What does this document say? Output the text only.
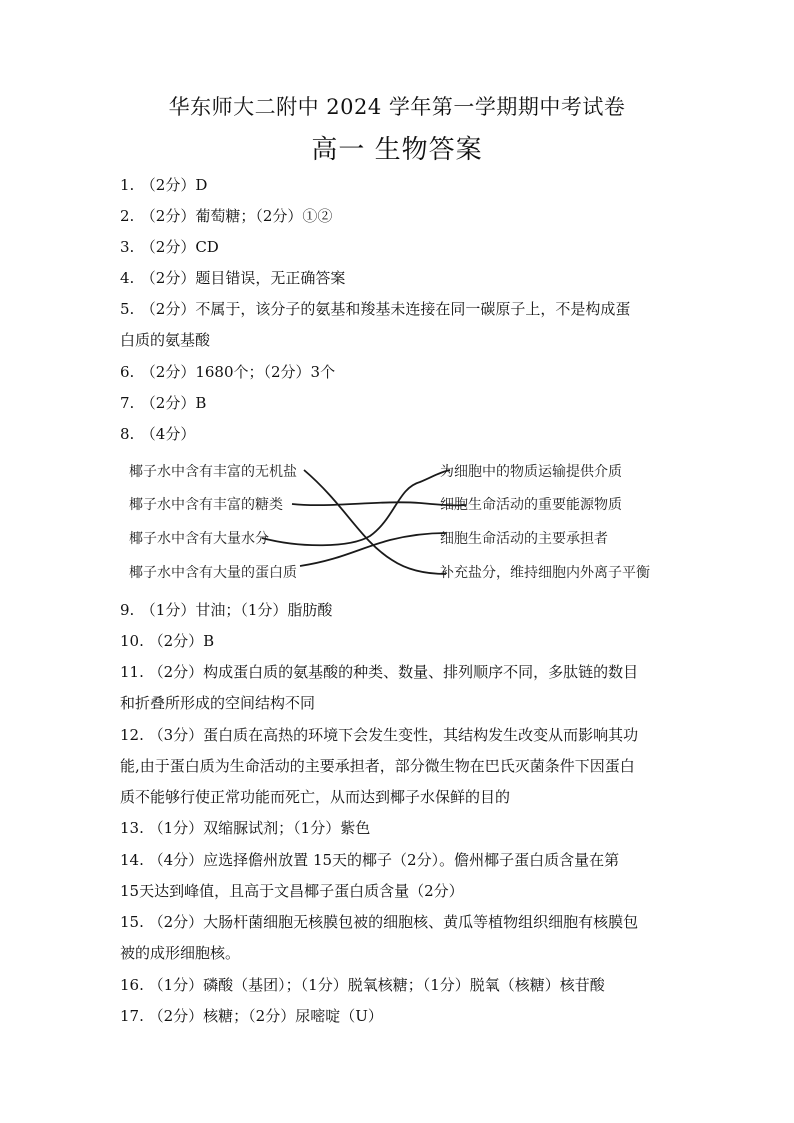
华东师大二附中 2024 学年第一学期期中考试卷
高一 生物答案
1. （2分）D
2. （2分）葡萄糖；（2分）①②
3. （2分）CD
4. （2分）题目错误，无正确答案
5. （2分）不属于，该分子的氨基和羧基未连接在同一碳原子上，不是构成蛋
白质的氨基酸
6. （2分）1680个；（2分）3个
7. （2分）B
8. （4分）
椰子水中含有丰富的无机盐
椰子水中含有丰富的糖类
椰子水中含有大量水分
椰子水中含有大量的蛋白质
为细胞中的物质运输提供介质
细胞生命活动的重要能源物质
细胞生命活动的主要承担者
补充盐分，维持细胞内外离子平衡
9. （1分）甘油；（1分）脂肪酸
10. （2分）B
11. （2分）构成蛋白质的氨基酸的种类、数量、排列顺序不同，多肽链的数目
和折叠所形成的空间结构不同
12. （3分）蛋白质在高热的环境下会发生变性，其结构发生改变从而影响其功
能,由于蛋白质为生命活动的主要承担者，部分微生物在巴氏灭菌条件下因蛋白
质不能够行使正常功能而死亡，从而达到椰子水保鲜的目的
13. （1分）双缩脲试剂；（1分）紫色
14. （4分）应选择儋州放置 15天的椰子（2分）。儋州椰子蛋白质含量在第
15天达到峰值，且高于文昌椰子蛋白质含量（2分）
15. （2分）大肠杆菌细胞无核膜包被的细胞核、黄瓜等植物组织细胞有核膜包
被的成形细胞核。
16. （1分）磷酸（基团）；（1分）脱氧核糖；（1分）脱氧（核糖）核苷酸
17. （2分）核糖；（2分）尿嘧啶（U）
